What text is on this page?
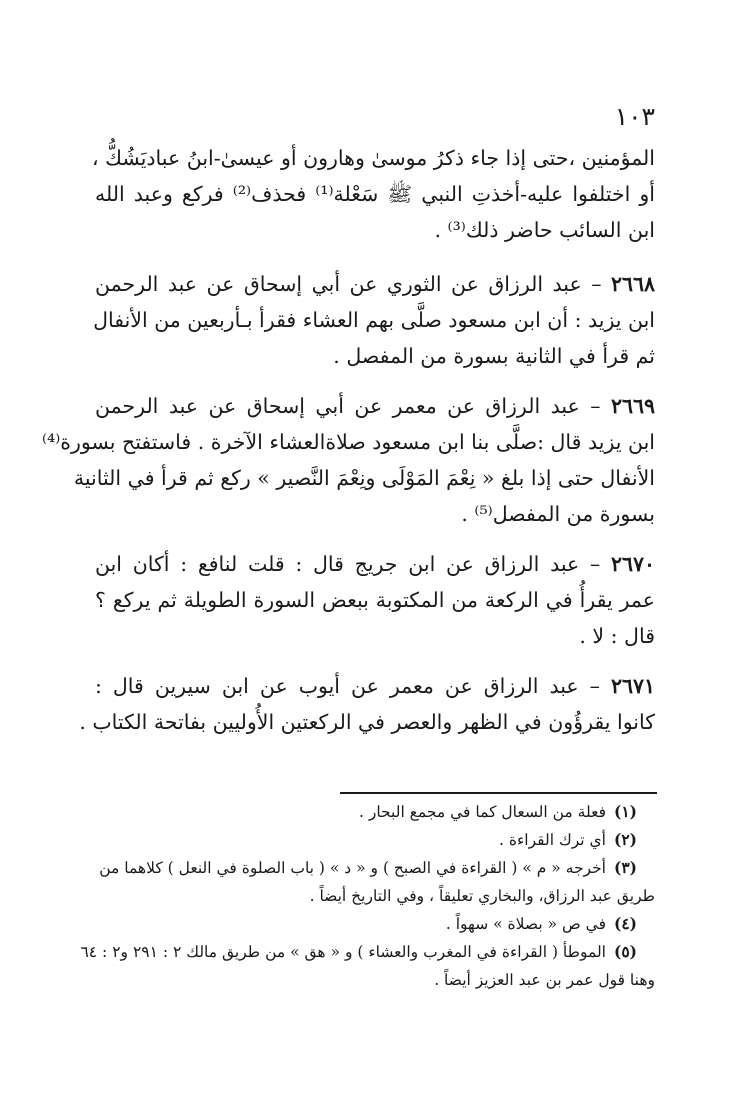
١٠٣
المؤمنين ،حتى إذا جاء ذكرُ موسىٰ وهارون أو عيسىٰ-ابنُ عباديَشُكُّ ،
أو اختلفوا عليه-أخذتِ النبي ﷺ سَعْلة⁽¹⁾ فحذف⁽²⁾ فركع وعبد الله
ابن السائب حاضر ذلك⁽³⁾ .
٢٦٦٨ – عبد الرزاق عن الثوري عن أبي إسحاق عن عبد الرحمن
ابن يزيد : أن ابن مسعود صلَّى بهم العشاء فقرأ بـأربعين من الأنفال
ثم قرأ في الثانية بسورة من المفصل .
٢٦٦٩ – عبد الرزاق عن معمر عن أبي إسحاق عن عبد الرحمن
ابن يزيد قال :صلَّى بنا ابن مسعود صلاةالعشاء الآخرة . فاستفتح بسورة⁽⁴⁾
الأنفال حتى إذا بلغ « نِعْمَ المَوْلَى ونِعْمَ النَّصير » ركع ثم قرأ في الثانية
بسورة من المفصل⁽⁵⁾ .
٢٦٧٠ – عبد الرزاق عن ابن جريج قال : قلت لنافع : أكان ابن
عمر يقرأُ في الركعة من المكتوبة ببعض السورة الطويلة ثم يركع ؟
قال : لا .
٢٦٧١ – عبد الرزاق عن معمر عن أيوب عن ابن سيرين قال :
كانوا يقرؤُون في الظهر والعصر في الركعتين الأُوليين بفاتحة الكتاب .

(١)فعلة من السعال كما في مجمع البحار .

(٢)أي ترك القراءة .

(٣)أخرجه « م » ( القراءة في الصبح ) و « د » ( باب الصلوة في النعل ) كلاهما من

طريق عبد الرزاق، والبخاري تعليقاً ، وفي التاريخ أيضاً .

(٤)في ص « بصلاة » سهواً .

(٥)الموطأ ( القراءة في المغرب والعشاء ) و « هق » من طريق مالك ٢ : ٢٩١ و٢ : ٦٤

وهنا قول عمر بن عبد العزيز أيضاً .
